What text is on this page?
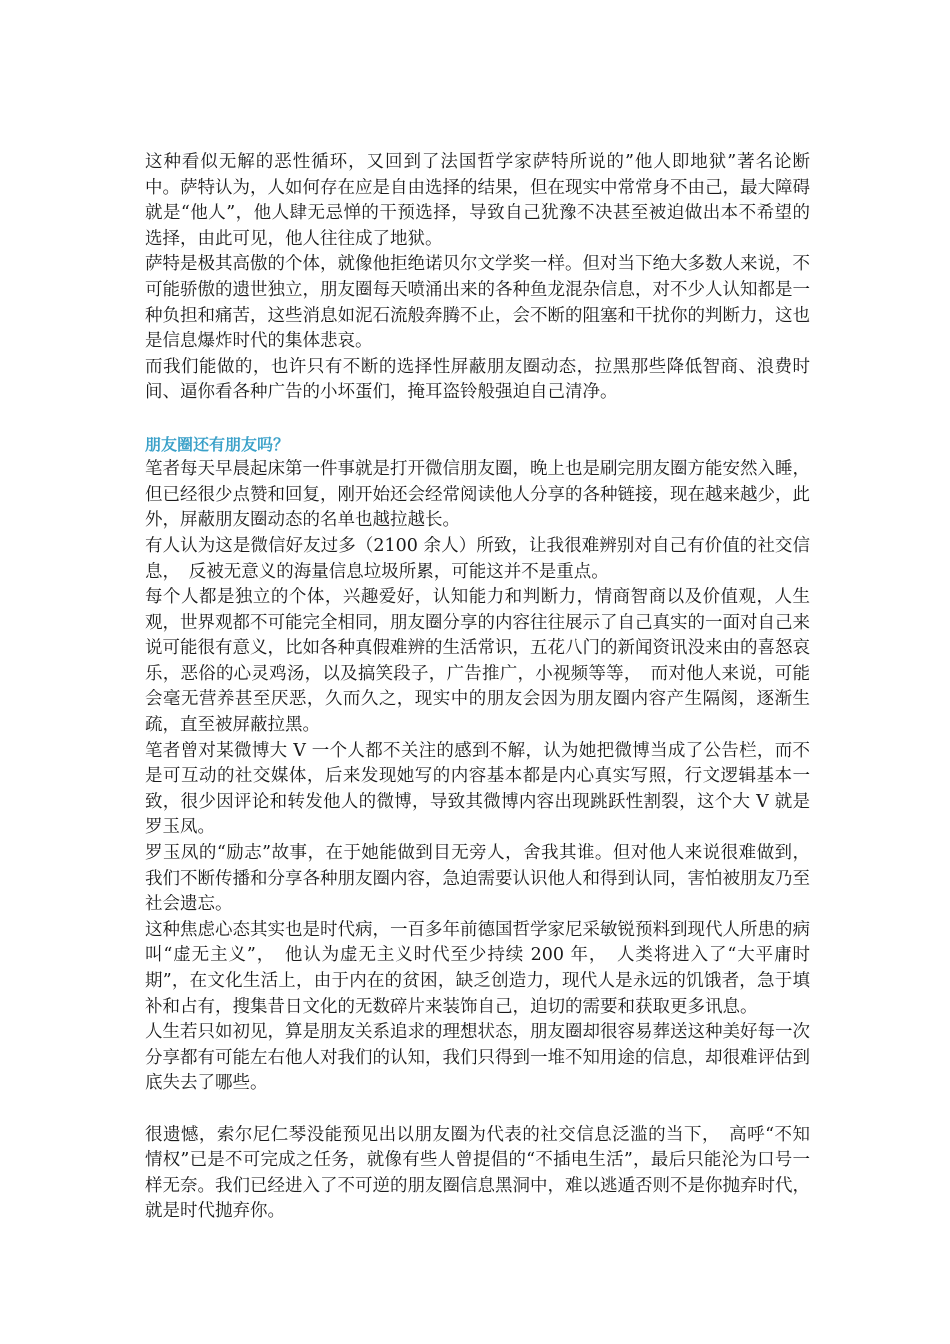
这种看似无解的恶性循环，又回到了法国哲学家萨特所说的”他人即地狱”著名论断中。萨特认为，人如何存在应是自由选择的结果，但在现实中常常身不由己，最大障碍就是“他人”，他人肆无忌惮的干预选择，导致自己犹豫不决甚至被迫做出本不希望的选择，由此可见，他人往往成了地狱。

萨特是极其高傲的个体，就像他拒绝诺贝尔文学奖一样。但对当下绝大多数人来说，不可能骄傲的遗世独立，朋友圈每天喷涌出来的各种鱼龙混杂信息，对不少人认知都是一种负担和痛苦，这些消息如泥石流般奔腾不止，会不断的阻塞和干扰你的判断力，这也是信息爆炸时代的集体悲哀。

而我们能做的，也许只有不断的选择性屏蔽朋友圈动态，拉黑那些降低智商、浪费时间、逼你看各种广告的小坏蛋们，掩耳盗铃般强迫自己清净。

朋友圈还有朋友吗？

笔者每天早晨起床第一件事就是打开微信朋友圈，晚上也是刷完朋友圈方能安然入睡，但已经很少点赞和回复，刚开始还会经常阅读他人分享的各种链接，现在越来越少，此外，屏蔽朋友圈动态的名单也越拉越长。

有人认为这是微信好友过多（2100 余人）所致，让我很难辨别对自己有价值的社交信息，　反被无意义的海量信息垃圾所累，可能这并不是重点。

每个人都是独立的个体，兴趣爱好，认知能力和判断力，情商智商以及价值观，人生观，世界观都不可能完全相同，朋友圈分享的内容往往展示了自己真实的一面对自己来说可能很有意义，比如各种真假难辨的生活常识，五花八门的新闻资讯没来由的喜怒哀乐，恶俗的心灵鸡汤，以及搞笑段子，广告推广，小视频等等，　而对他人来说，可能会毫无营养甚至厌恶，久而久之，现实中的朋友会因为朋友圈内容产生隔阂，逐渐生疏，直至被屏蔽拉黑。

笔者曾对某微博大 V 一个人都不关注的感到不解，认为她把微博当成了公告栏，而不是可互动的社交媒体，后来发现她写的内容基本都是内心真实写照，行文逻辑基本一致，很少因评论和转发他人的微博，导致其微博内容出现跳跃性割裂，这个大 V 就是罗玉凤。

罗玉凤的“励志”故事，在于她能做到目无旁人，舍我其谁。但对他人来说很难做到，我们不断传播和分享各种朋友圈内容，急迫需要认识他人和得到认同，害怕被朋友乃至社会遗忘。

这种焦虑心态其实也是时代病，一百多年前德国哲学家尼采敏锐预料到现代人所患的病叫“虚无主义”，　他认为虚无主义时代至少持续 200 年，　人类将进入了“大平庸时期”，在文化生活上，由于内在的贫困，缺乏创造力，现代人是永远的饥饿者，急于填补和占有，搜集昔日文化的无数碎片来装饰自己，迫切的需要和获取更多讯息。

人生若只如初见，算是朋友关系追求的理想状态，朋友圈却很容易葬送这种美好每一次分享都有可能左右他人对我们的认知，我们只得到一堆不知用途的信息，却很难评估到底失去了哪些。

很遗憾，索尔尼仁琴没能预见出以朋友圈为代表的社交信息泛滥的当下，　高呼“不知情权”已是不可完成之任务，就像有些人曾提倡的“不插电生活”，最后只能沦为口号一样无奈。我们已经进入了不可逆的朋友圈信息黑洞中，难以逃遁否则不是你抛弃时代，就是时代抛弃你。
